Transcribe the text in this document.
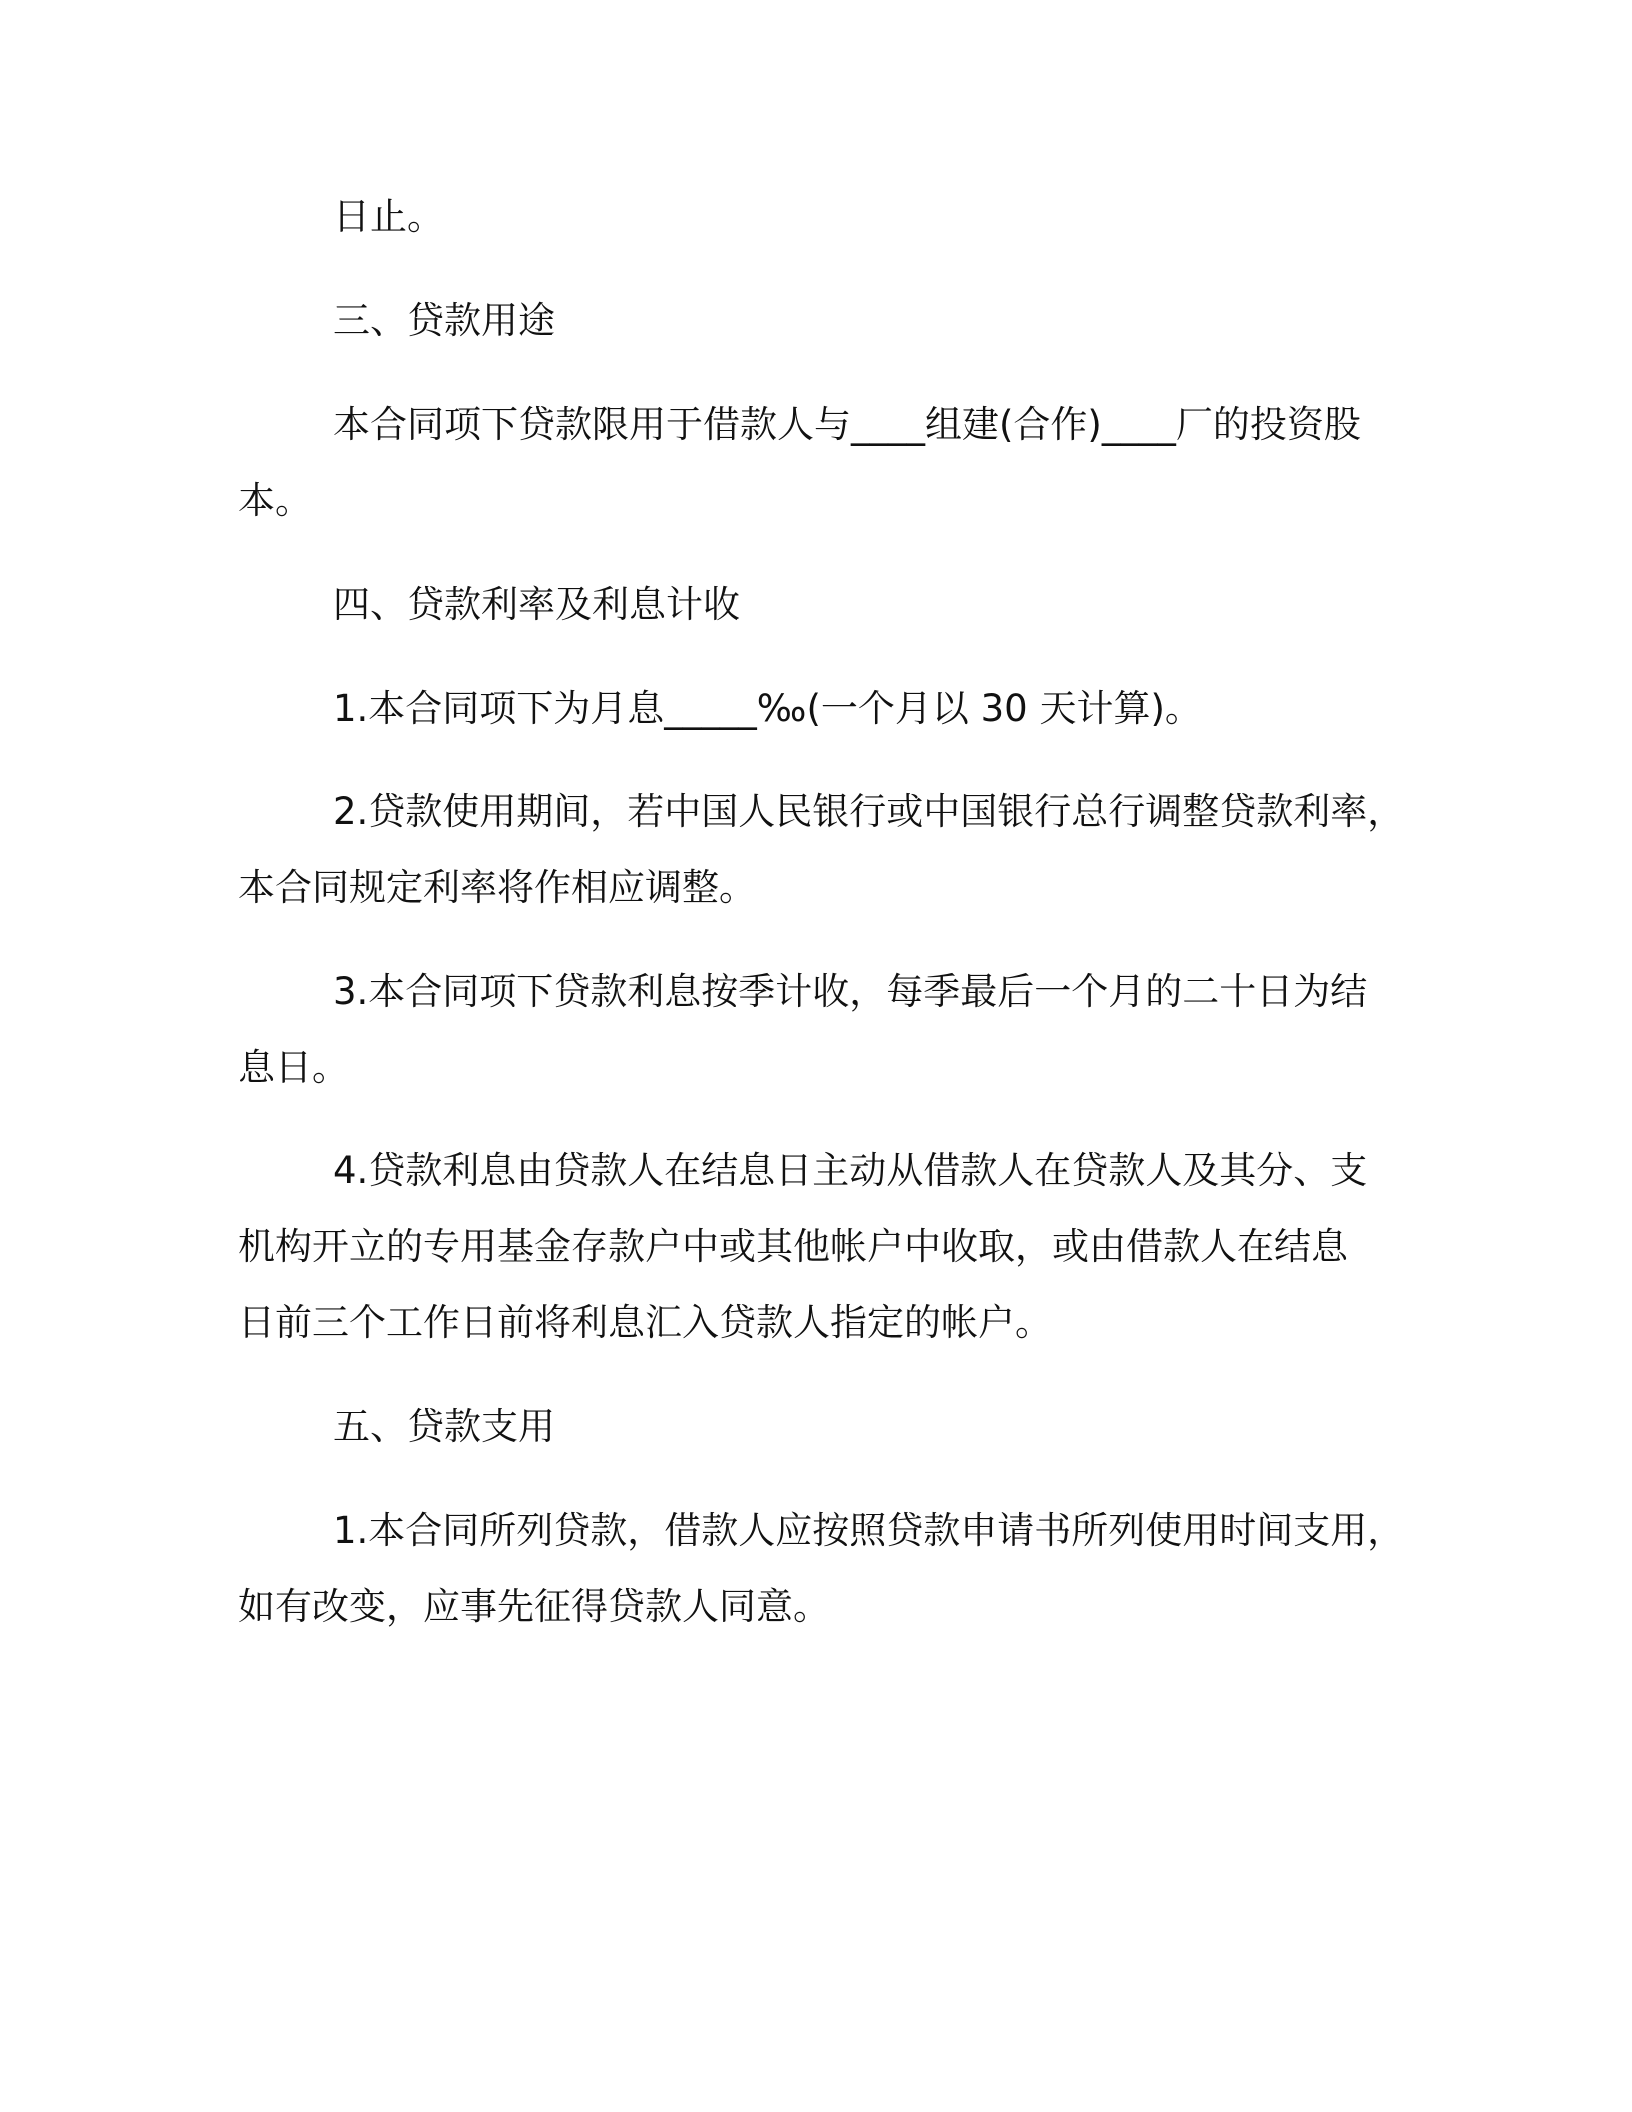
日止。
三、贷款用途
本合同项下贷款限用于借款人与____组建(合作)____厂的投资股
本。
四、贷款利率及利息计收
1.本合同项下为月息_____‰(一个月以 30 天计算)。
2.贷款使用期间，若中国人民银行或中国银行总行调整贷款利率，
本合同规定利率将作相应调整。
3.本合同项下贷款利息按季计收，每季最后一个月的二十日为结
息日。
4.贷款利息由贷款人在结息日主动从借款人在贷款人及其分、支
机构开立的专用基金存款户中或其他帐户中收取，或由借款人在结息
日前三个工作日前将利息汇入贷款人指定的帐户。
五、贷款支用
1.本合同所列贷款，借款人应按照贷款申请书所列使用时间支用，
如有改变，应事先征得贷款人同意。
